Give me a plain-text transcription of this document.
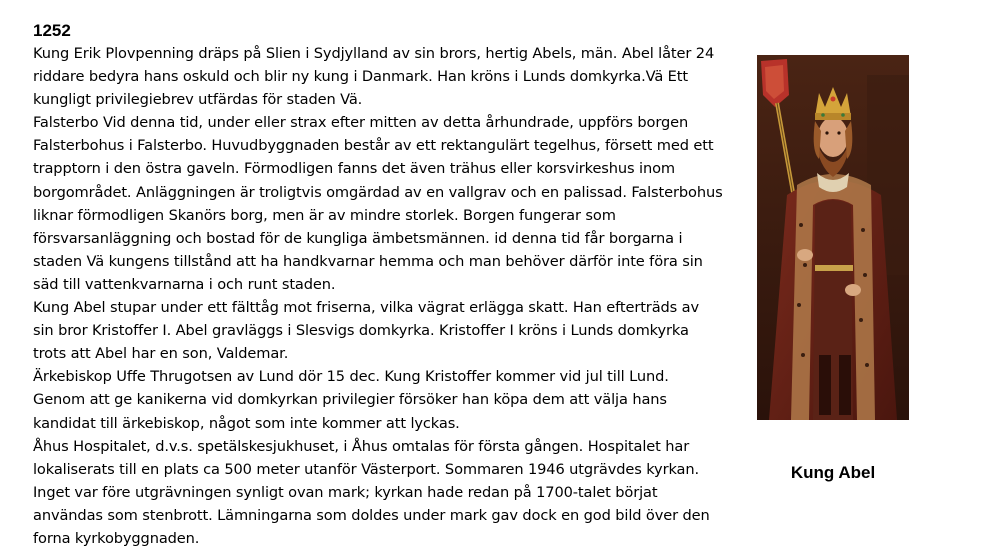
1252

Kung Erik Plovpenning dräps på Slien i Sydjylland av sin brors, hertig Abels, män. Abel låter 24 riddare bedyra hans oskuld och blir ny kung i Danmark. Han kröns i Lunds domkyrka.Vä Ett kungligt privilegiebrev utfärdas för staden Vä.

Falsterbo Vid denna tid, under eller strax efter mitten av detta århundrade, uppförs borgen Falsterbohus i Falsterbo. Huvudbyggnaden består av ett rektangulärt tegelhus, försett med ett trapptorn i den östra gaveln. Förmodligen fanns det även trähus eller korsvirkeshus inom borgområdet. Anläggningen är troligtvis omgärdad av en vallgrav och en palissad. Falsterbohus liknar förmodligen Skanörs borg, men är av mindre storlek. Borgen fungerar som försvarsanläggning och bostad för de kungliga ämbetsmännen. id denna tid får borgarna i staden Vä kungens tillstånd att ha handkvarnar hemma och man behöver därför inte föra sin säd till vattenkvarnarna i och runt staden.

Kung Abel stupar under ett fälttåg mot friserna, vilka vägrat erlägga skatt. Han efterträds av sin bror Kristoffer I. Abel gravläggs i Slesvigs domkyrka. Kristoffer I kröns i Lunds domkyrka trots att Abel har en son, Valdemar.

Ärkebiskop Uffe Thrugotsen av Lund dör 15 dec. Kung Kristoffer kommer vid jul till Lund. Genom att ge kanikerna vid domkyrkan privilegier försöker han köpa dem att välja hans kandidat till ärkebiskop, något som inte kommer att lyckas.

Åhus Hospitalet, d.v.s. spetälskesjukhuset, i Åhus omtalas för första gången. Hospitalet har lokaliserats till en plats ca 500 meter utanför Västerport. Sommaren 1946 utgrävdes kyrkan. Inget var före utgrävningen synligt ovan mark; kyrkan hade redan på 1700-talet börjat användas som stenbrott. Lämningarna som doldes under mark gav dock en god bild över den forna kyrkobyggnaden.

Kung Abel
